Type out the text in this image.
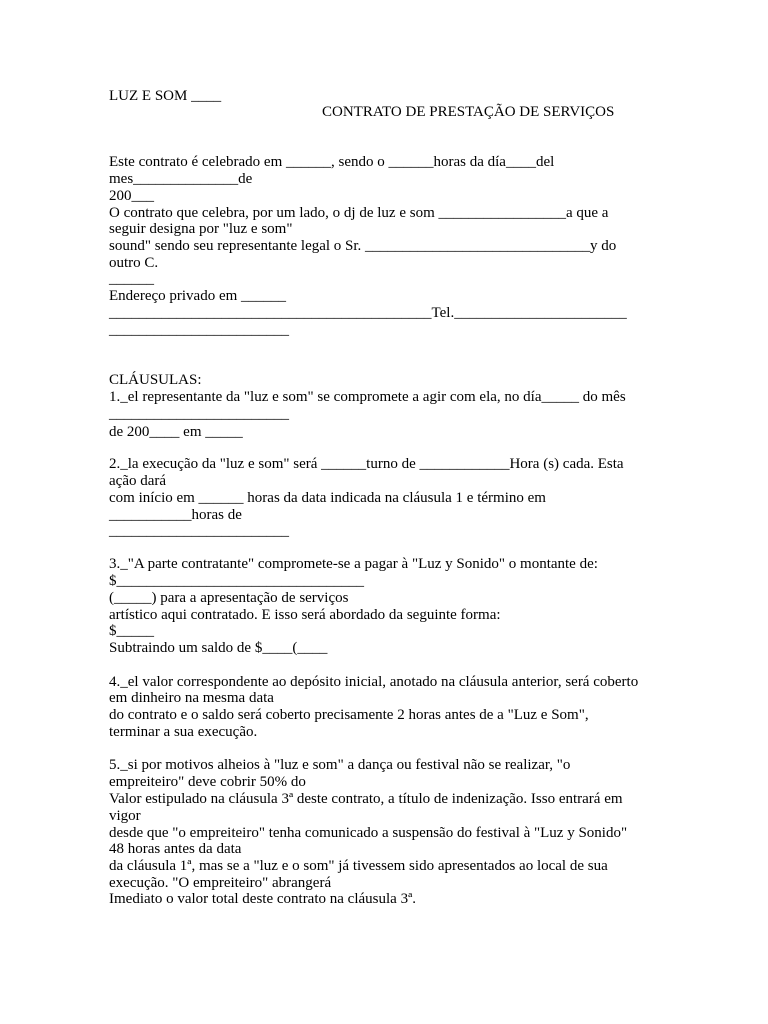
LUZ E SOM ____
CONTRATO DE PRESTAÇÃO DE SERVIÇOS
Este contrato é celebrado em ______, sendo o ______horas da día____del
mes______________de
200___
O contrato que celebra, por um lado, o dj de luz e som _________________a que a
seguir designa por "luz e som"
sound" sendo seu representante legal o Sr. ______________________________y do
outro C.
______
Endereço privado em ______
___________________________________________Tel._______________________
________________________
CLÁUSULAS:
1._el representante da "luz e som" se compromete a agir com ela, no día_____ do mês
________________________
de 200____ em _____
2._la execução da "luz e som" será ______turno de ____________Hora (s) cada. Esta
ação dará
com início em ______ horas da data indicada na cláusula 1 e término em
___________horas de
________________________
3._"A parte contratante" compromete-se a pagar à "Luz y Sonido" o montante de:
$_________________________________
(_____) para a apresentação de serviços
artístico aqui contratado. E isso será abordado da seguinte forma:
$_____
Subtraindo um saldo de $____(____
4._el valor correspondente ao depósito inicial, anotado na cláusula anterior, será coberto
em dinheiro na mesma data
do contrato e o saldo será coberto precisamente 2 horas antes de a "Luz e Som",
terminar a sua execução.
5._si por motivos alheios à "luz e som" a dança ou festival não se realizar, "o
empreiteiro" deve cobrir 50% do
Valor estipulado na cláusula 3ª deste contrato, a título de indenização. Isso entrará em
vigor
desde que "o empreiteiro" tenha comunicado a suspensão do festival à "Luz y Sonido"
48 horas antes da data
da cláusula 1ª, mas se a "luz e o som" já tivessem sido apresentados ao local de sua
execução. "O empreiteiro" abrangerá
Imediato o valor total deste contrato na cláusula 3ª.
